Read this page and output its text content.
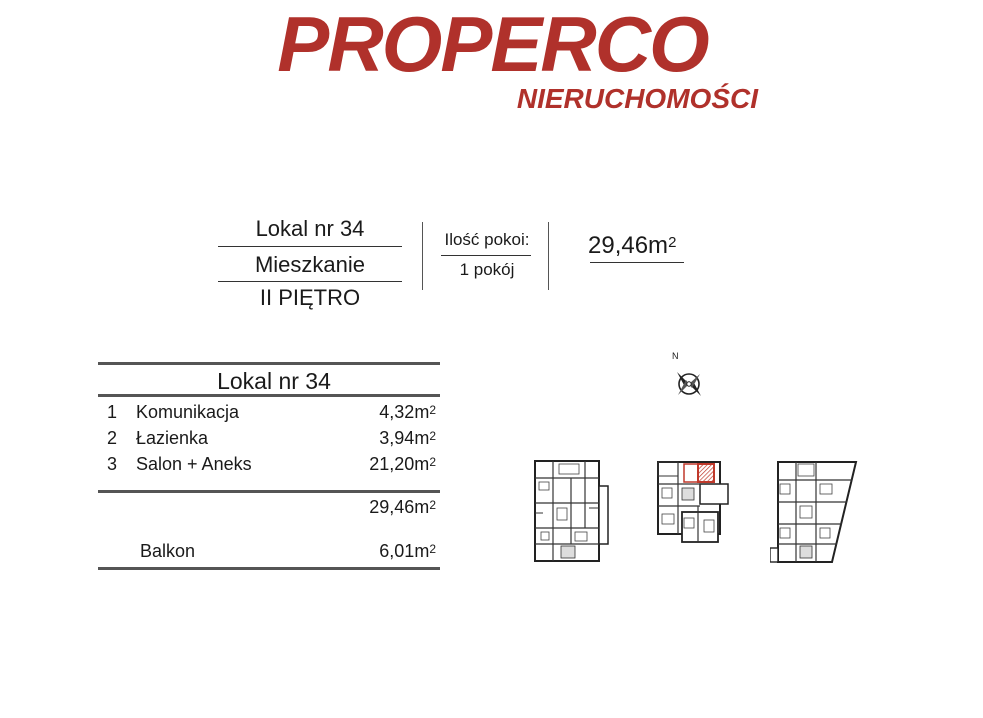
PROPERCO
NIERUCHOMOŚCI
Lokal nr 34
Mieszkanie
II PIĘTRO
Ilość pokoi:
1 pokój
$29,46m^2$
Lokal nr 34
1 Komunikacja	$4,32m^2$
2 Łazienka	$3,94m^2$
3 Salon + Aneks	$21,20m^2$
$29,46m^2$
Balkon	$6,01m^2$
N
